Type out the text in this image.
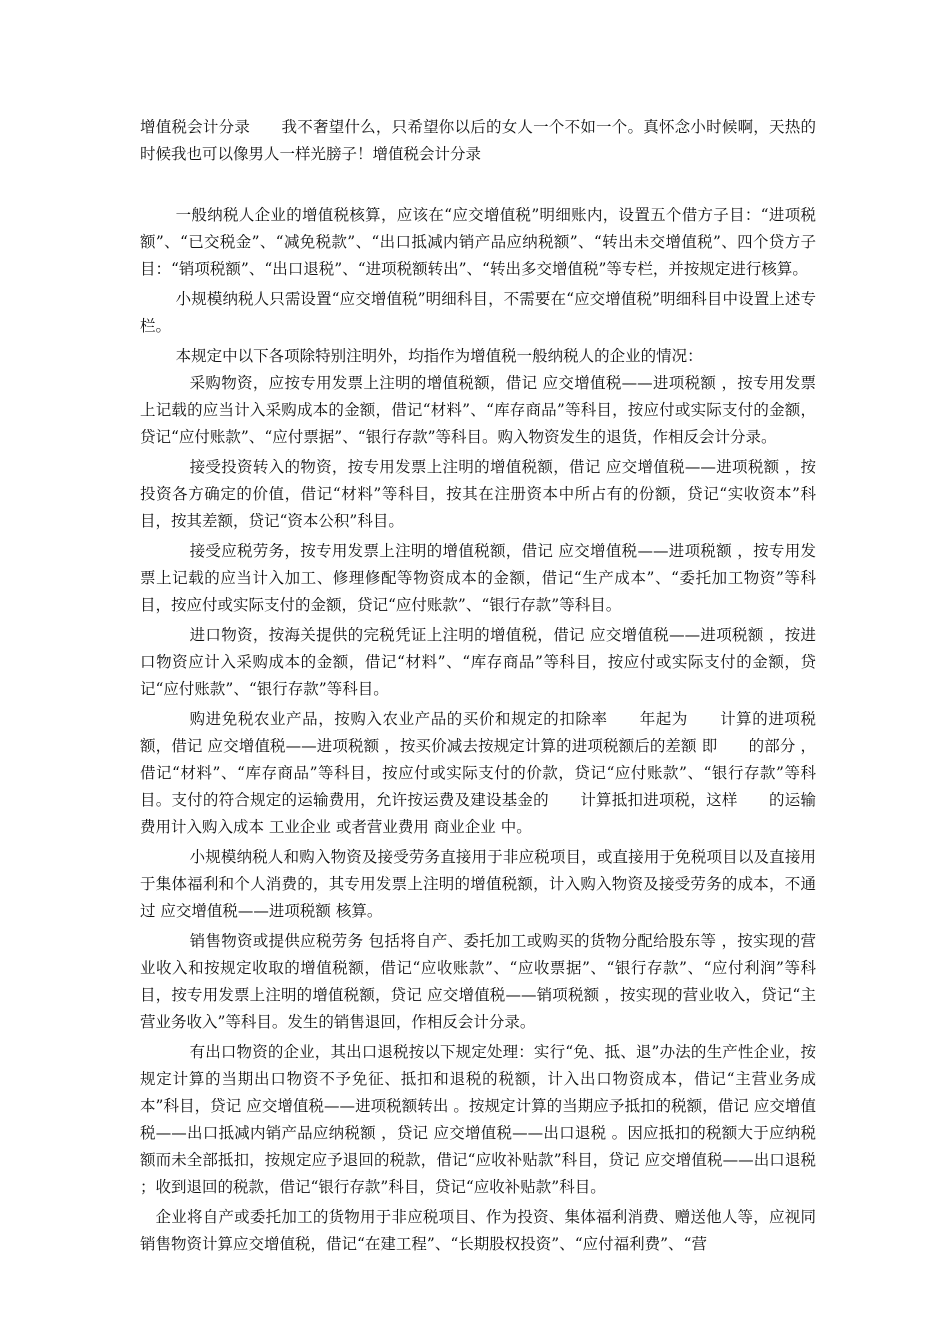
增值税会计分录　　我不奢望什么，只希望你以后的女人一个不如一个。真怀念小时候啊，天热的时候我也可以像男人一样光膀子！增值税会计分录

一般纳税人企业的增值税核算，应该在“应交增值税”明细账内，设置五个借方子目：“进项税额”、“已交税金”、“减免税款”、“出口抵减内销产品应纳税额”、“转出未交增值税”、四个贷方子目：“销项税额”、“出口退税”、“进项税额转出”、“转出多交增值税”等专栏，并按规定进行核算。

小规模纳税人只需设置“应交增值税”明细科目，不需要在“应交增值税”明细科目中设置上述专栏。

本规定中以下各项除特别注明外，均指作为增值税一般纳税人的企业的情况：

采购物资，应按专用发票上注明的增值税额，借记 应交增值税——进项税额 ，按专用发票上记载的应当计入采购成本的金额，借记“材料”、“库存商品”等科目，按应付或实际支付的金额，贷记“应付账款”、“应付票据”、“银行存款”等科目。购入物资发生的退货，作相反会计分录。

接受投资转入的物资，按专用发票上注明的增值税额，借记 应交增值税——进项税额 ，按投资各方确定的价值，借记“材料”等科目，按其在注册资本中所占有的份额，贷记“实收资本”科目，按其差额，贷记“资本公积”科目。

接受应税劳务，按专用发票上注明的增值税额，借记 应交增值税——进项税额 ，按专用发票上记载的应当计入加工、修理修配等物资成本的金额，借记“生产成本”、“委托加工物资”等科目，按应付或实际支付的金额，贷记“应付账款”、“银行存款”等科目。

进口物资，按海关提供的完税凭证上注明的增值税，借记 应交增值税——进项税额 ，按进口物资应计入采购成本的金额，借记“材料”、“库存商品”等科目，按应付或实际支付的金额，贷记“应付账款”、“银行存款”等科目。

购进免税农业产品，按购入农业产品的买价和规定的扣除率　　年起为　　计算的进项税额，借记 应交增值税——进项税额 ，按买价减去按规定计算的进项税额后的差额 即　　的部分 ，借记“材料”、“库存商品”等科目，按应付或实际支付的价款，贷记“应付账款”、“银行存款”等科目。支付的符合规定的运输费用，允许按运费及建设基金的　　计算抵扣进项税，这样　　的运输费用计入购入成本 工业企业 或者营业费用 商业企业 中。

小规模纳税人和购入物资及接受劳务直接用于非应税项目，或直接用于免税项目以及直接用于集体福利和个人消费的，其专用发票上注明的增值税额，计入购入物资及接受劳务的成本，不通过 应交增值税——进项税额 核算。

销售物资或提供应税劳务 包括将自产、委托加工或购买的货物分配给股东等 ，按实现的营业收入和按规定收取的增值税额，借记“应收账款”、“应收票据”、“银行存款”、“应付利润”等科目，按专用发票上注明的增值税额，贷记 应交增值税——销项税额 ，按实现的营业收入，贷记“主营业务收入”等科目。发生的销售退回，作相反会计分录。

有出口物资的企业，其出口退税按以下规定处理：实行“免、抵、退”办法的生产性企业，按规定计算的当期出口物资不予免征、抵扣和退税的税额，计入出口物资成本，借记“主营业务成本”科目，贷记 应交增值税——进项税额转出 。按规定计算的当期应予抵扣的税额，借记 应交增值税——出口抵减内销产品应纳税额 ，贷记 应交增值税——出口退税 。因应抵扣的税额大于应纳税额而未全部抵扣，按规定应予退回的税款，借记“应收补贴款”科目，贷记 应交增值税——出口退税 ；收到退回的税款，借记“银行存款”科目，贷记“应收补贴款”科目。

企业将自产或委托加工的货物用于非应税项目、作为投资、集体福利消费、赠送他人等，应视同销售物资计算应交增值税，借记“在建工程”、“长期股权投资”、“应付福利费”、“营
